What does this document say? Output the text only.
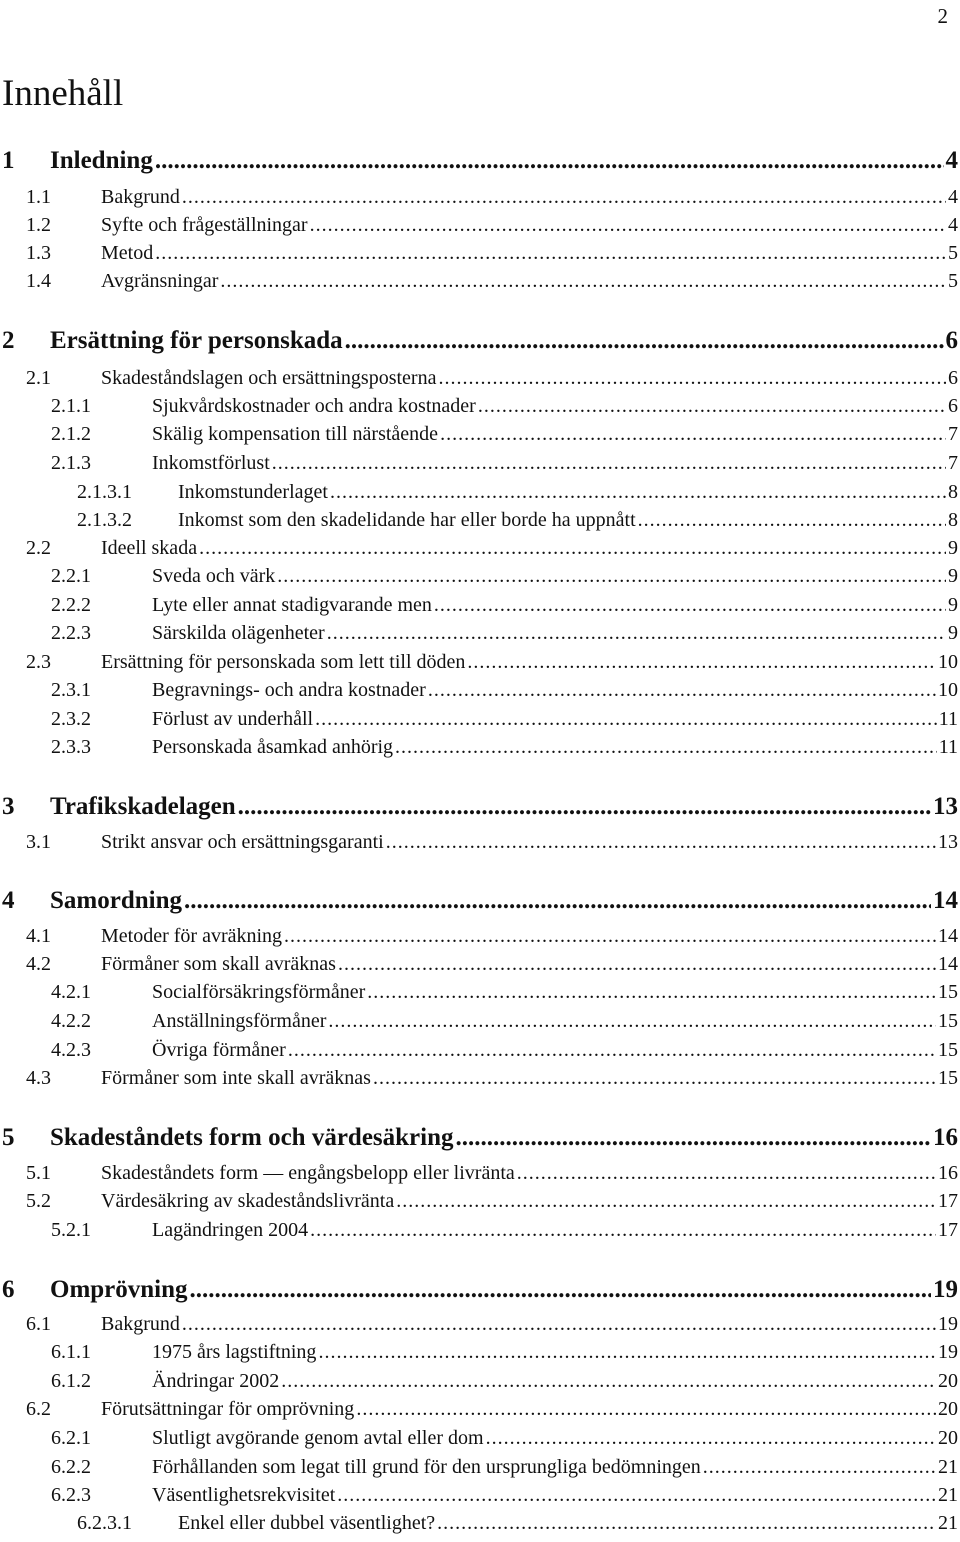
2
Innehåll
1 Inledning .....	4
1.1	Bakgrund .....	4
1.2	Syfte och frågeställningar .....	4
1.3	Metod .....	5
1.4	Avgränsningar .....	5
2 Ersättning för personskada .....	6
2.1	Skadeståndslagen och ersättningsposterna .....	6
2.1.1	Sjukvårdskostnader och andra kostnader .....	6
2.1.2	Skälig kompensation till närstående .....	7
2.1.3	Inkomstförlust .....	7
2.1.3.1 Inkomstunderlaget .....	8
2.1.3.2 Inkomst som den skadelidande har eller borde ha uppnått .....	8
2.2	Ideell skada .....	9
2.2.1	Sveda och värk .....	9
2.2.2	Lyte eller annat stadigvarande men .....	9
2.2.3	Särskilda olägenheter .....	9
2.3	Ersättning för personskada som lett till döden .....	10
2.3.1	Begravnings- och andra kostnader .....	10
2.3.2	Förlust av underhåll .....	11
2.3.3	Personskada åsamkad anhörig .....	11
3 Trafikskadelagen .....	13
3.1	Strikt ansvar och ersättningsgaranti .....	13
4 Samordning .....	14
4.1	Metoder för avräkning .....	14
4.2	Förmåner som skall avräknas .....	14
4.2.1	Socialförsäkringsförmåner .....	15
4.2.2	Anställningsförmåner .....	15
4.2.3	Övriga förmåner .....	15
4.3	Förmåner som inte skall avräknas .....	15
5 Skadeståndets form och värdesäkring .....	16
5.1	Skadeståndets form — engångsbelopp eller livränta .....	16
5.2	Värdesäkring av skadeståndslivränta .....	17
5.2.1	Lagändringen 2004 .....	17
6 Omprövning .....	19
6.1	Bakgrund .....	19
6.1.1	1975 års lagstiftning .....	19
6.1.2	Ändringar 2002 .....	20
6.2	Förutsättningar för omprövning .....	20
6.2.1	Slutligt avgörande genom avtal eller dom .....	20
6.2.2	Förhållanden som legat till grund för den ursprungliga bedömningen .....	21
6.2.3	Väsentlighetsrekvisitet .....	21
6.2.3.1 Enkel eller dubbel väsentlighet? .....	21
